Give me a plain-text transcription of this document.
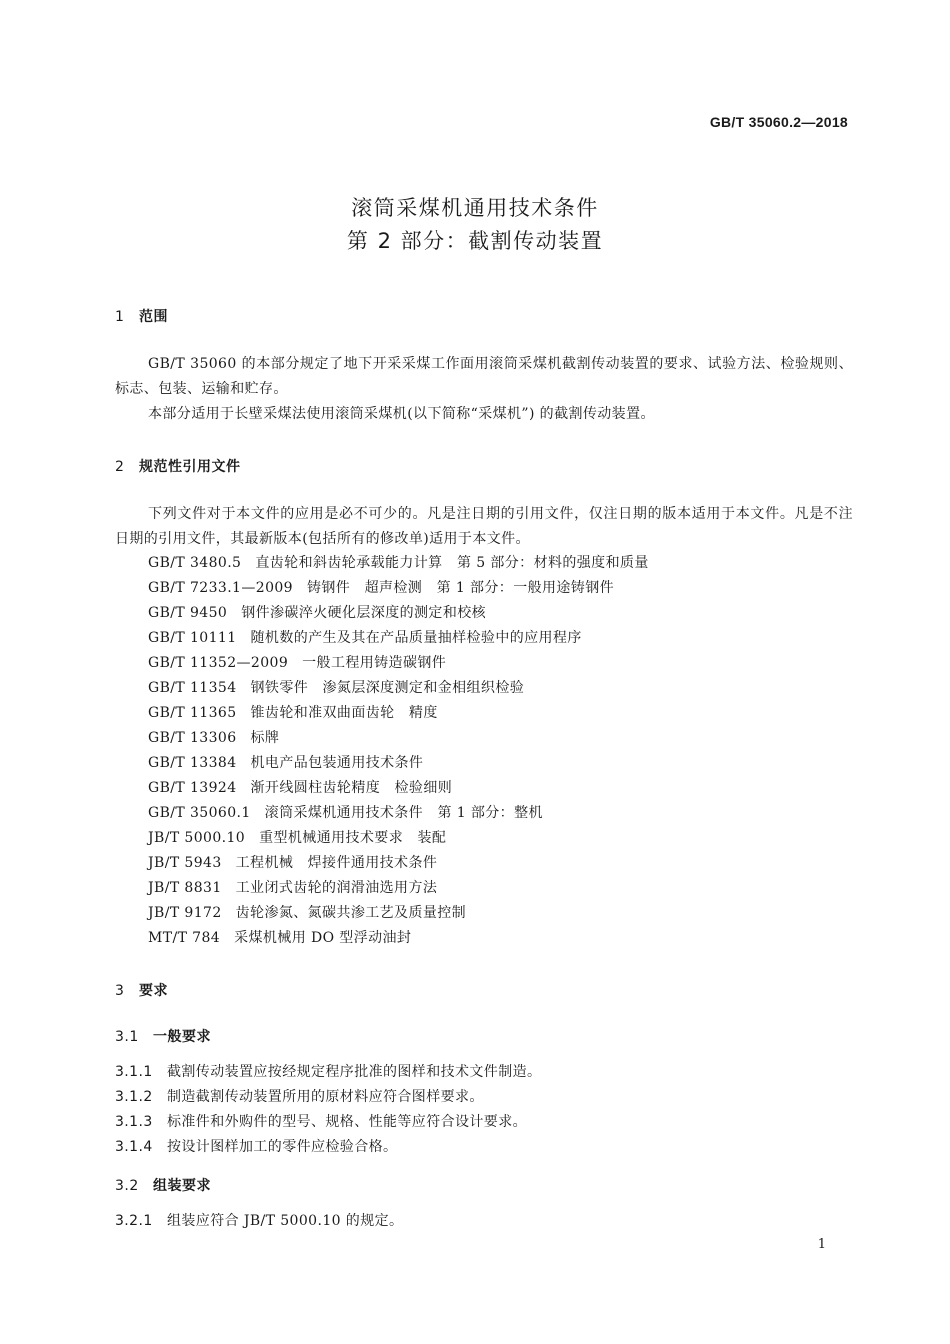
GB/T 35060.2—2018
滚筒采煤机通用技术条件
第 2 部分：截割传动装置
1 范围
GB/T 35060 的本部分规定了地下开采采煤工作面用滚筒采煤机截割传动装置的要求、试验方法、检验规则、标志、包装、运输和贮存。
本部分适用于长壁采煤法使用滚筒采煤机(以下简称“采煤机”) 的截割传动装置。
2 规范性引用文件
下列文件对于本文件的应用是必不可少的。凡是注日期的引用文件，仅注日期的版本适用于本文件。凡是不注日期的引用文件，其最新版本(包括所有的修改单)适用于本文件。
GB/T 3480.5 直齿轮和斜齿轮承载能力计算　第 5 部分：材料的强度和质量
GB/T 7233.1—2009 铸钢件　超声检测　第 1 部分：一般用途铸钢件
GB/T 9450 钢件渗碳淬火硬化层深度的测定和校核
GB/T 10111 随机数的产生及其在产品质量抽样检验中的应用程序
GB/T 11352—2009 一般工程用铸造碳钢件
GB/T 11354 钢铁零件　渗氮层深度测定和金相组织检验
GB/T 11365 锥齿轮和准双曲面齿轮　精度
GB/T 13306 标牌
GB/T 13384 机电产品包装通用技术条件
GB/T 13924 渐开线圆柱齿轮精度　检验细则
GB/T 35060.1 滚筒采煤机通用技术条件　第 1 部分：整机
JB/T 5000.10 重型机械通用技术要求　装配
JB/T 5943 工程机械　焊接件通用技术条件
JB/T 8831 工业闭式齿轮的润滑油选用方法
JB/T 9172 齿轮渗氮、氮碳共渗工艺及质量控制
MT/T 784 采煤机械用 DO 型浮动油封
3 要求
3.1 一般要求
3.1.1 截割传动装置应按经规定程序批准的图样和技术文件制造。
3.1.2 制造截割传动装置所用的原材料应符合图样要求。
3.1.3 标准件和外购件的型号、规格、性能等应符合设计要求。
3.1.4 按设计图样加工的零件应检验合格。
3.2 组装要求
3.2.1 组装应符合 JB/T 5000.10 的规定。
1
